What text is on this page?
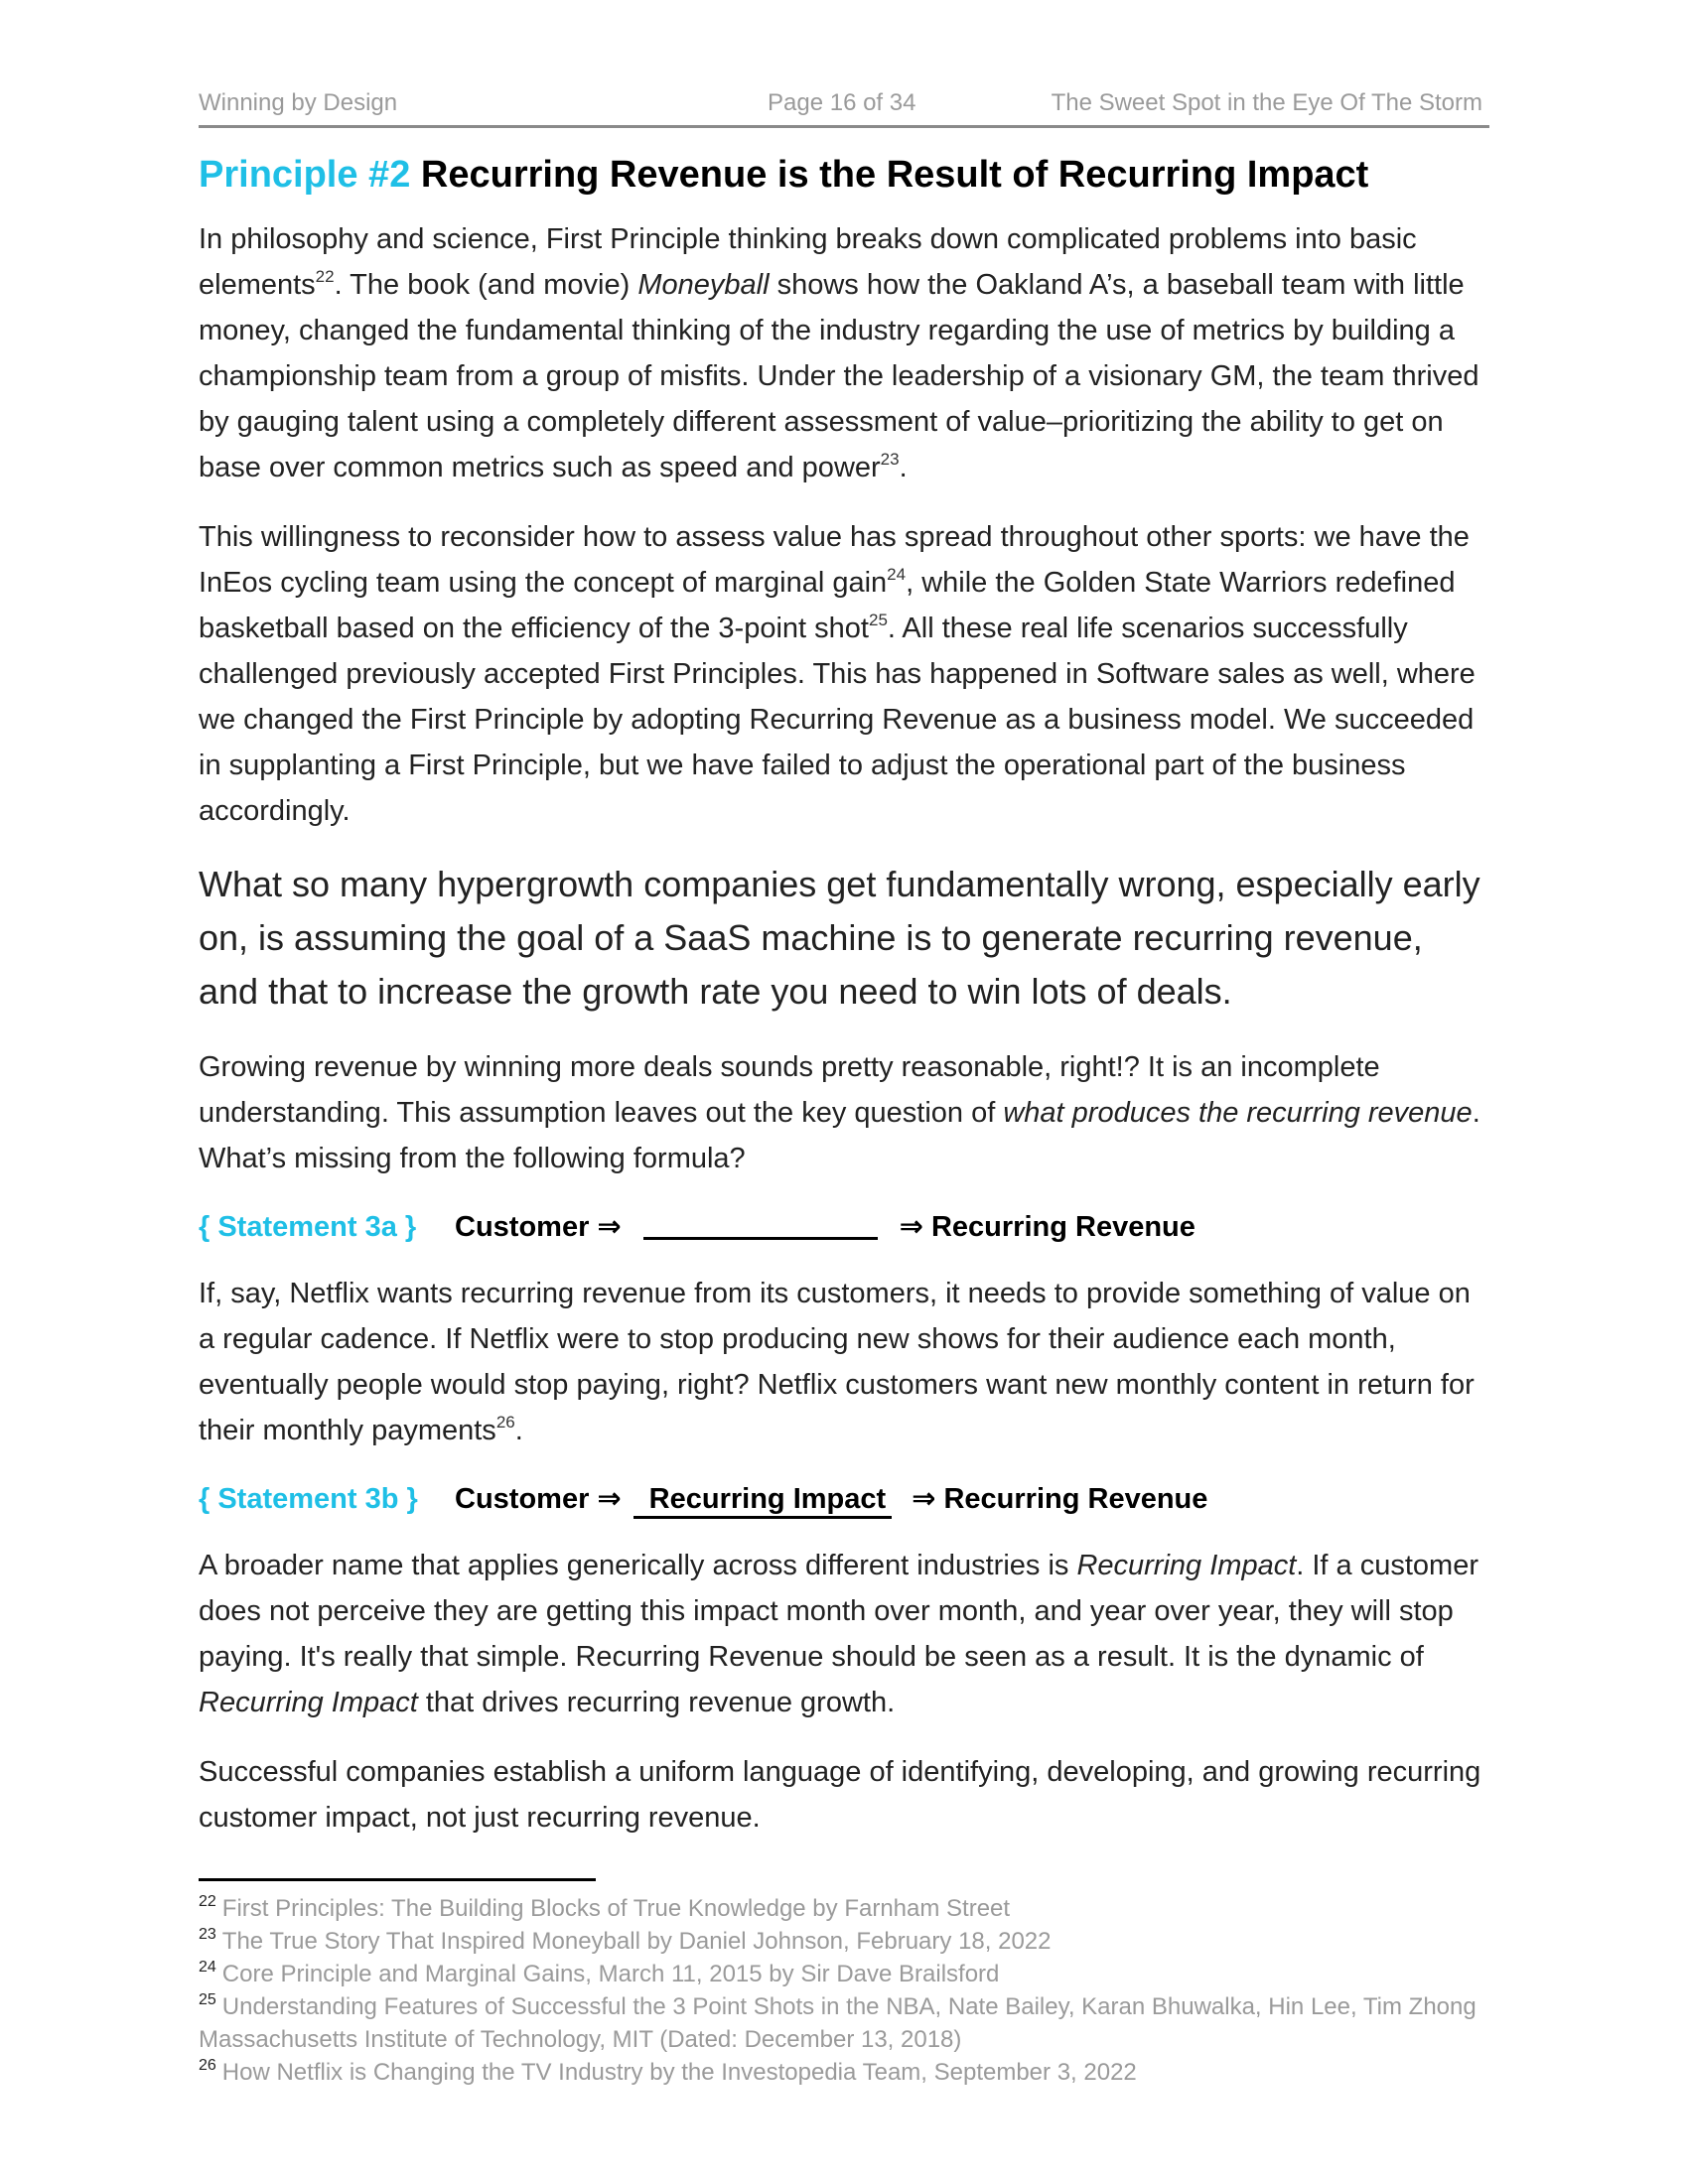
Winning by Design	Page 16 of 34	The Sweet Spot in the Eye Of The Storm
Principle #2 Recurring Revenue is the Result of Recurring Impact

In philosophy and science, First Principle thinking breaks down complicated problems into basic elements$^{22}$. The book (and movie) Moneyball shows how the Oakland A’s, a baseball team with little money, changed the fundamental thinking of the industry regarding the use of metrics by building a championship team from a group of misfits. Under the leadership of a visionary GM, the team thrived by gauging talent using a completely different assessment of value–prioritizing the ability to get on base over common metrics such as speed and power$^{23}$.

This willingness to reconsider how to assess value has spread throughout other sports: we have the InEos cycling team using the concept of marginal gain$^{24}$, while the Golden State Warriors redefined basketball based on the efficiency of the 3-point shot$^{25}$. All these real life scenarios successfully challenged previously accepted First Principles. This has happened in Software sales as well, where we changed the First Principle by adopting Recurring Revenue as a business model. We succeeded in supplanting a First Principle, but we have failed to adjust the operational part of the business accordingly.

What so many hypergrowth companies get fundamentally wrong, especially early on, is assuming the goal of a SaaS machine is to generate recurring revenue, and that to increase the growth rate you need to win lots of deals.

Growing revenue by winning more deals sounds pretty reasonable, right!? It is an incomplete understanding. This assumption leaves out the key question of what produces the recurring revenue. What’s missing from the following formula?

{ Statement 3a } Customer ⇒	⇒ Recurring Revenue

If, say, Netflix wants recurring revenue from its customers, it needs to provide something of value on a regular cadence. If Netflix were to stop producing new shows for their audience each month, eventually people would stop paying, right? Netflix customers want new monthly content in return for their monthly payments$^{26}$.

{ Statement 3b } Customer ⇒ Recurring Impact ⇒ Recurring Revenue

A broader name that applies generically across different industries is Recurring Impact. If a customer does not perceive they are getting this impact month over month, and year over year, they will stop paying. It's really that simple. Recurring Revenue should be seen as a result. It is the dynamic of Recurring Impact that drives recurring revenue growth.

Successful companies establish a uniform language of identifying, developing, and growing recurring customer impact, not just recurring revenue.

$^{22}$ First Principles: The Building Blocks of True Knowledge by Farnham Street

$^{23}$ The True Story That Inspired Moneyball by Daniel Johnson, February 18, 2022

$^{24}$ Core Principle and Marginal Gains, March 11, 2015 by Sir Dave Brailsford

$^{25}$ Understanding Features of Successful the 3 Point Shots in the NBA, Nate Bailey, Karan Bhuwalka, Hin Lee, Tim Zhong Massachusetts Institute of Technology, MIT (Dated: December 13, 2018)

$^{26}$ How Netflix is Changing the TV Industry by the Investopedia Team, September 3, 2022
